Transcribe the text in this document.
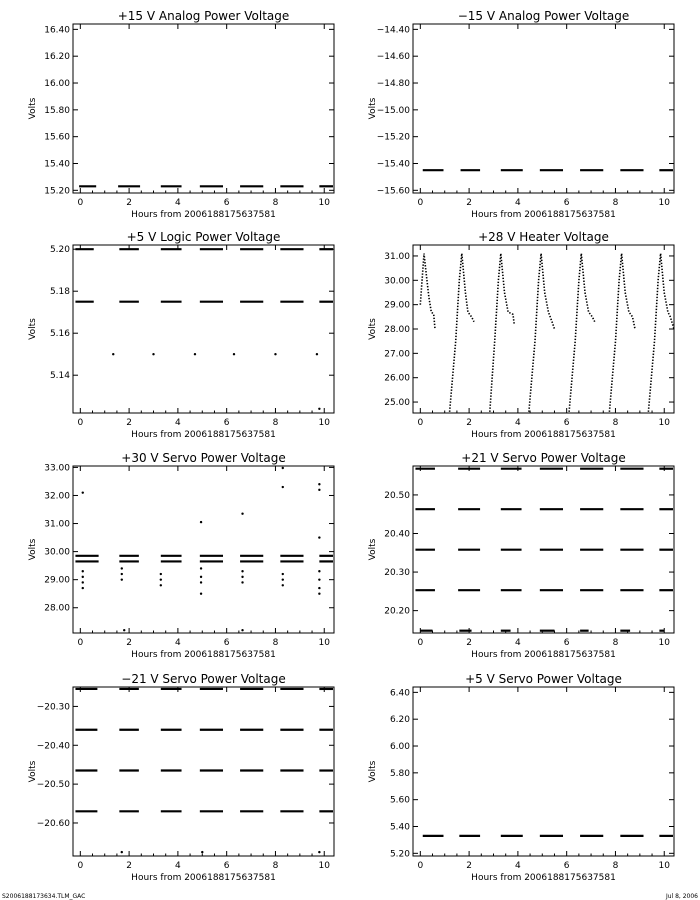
+15 V Analog Power Voltage
0	2	4	6	8	10
15.20
15.40
15.60
15.80
16.00
16.20
16.40
Hours from 2006188175637581
Volts
−15 V Analog Power Voltage
0	2	4	6	8	10
−15.60
−15.40
−15.20
−15.00
−14.80
−14.60
−14.40
Hours from 2006188175637581
Volts
+5 V Logic Power Voltage
0	2	4	6	8	10
5.14
5.16
5.18
5.20
Hours from 2006188175637581
Volts
+28 V Heater Voltage
0	2	4	6	8	10
25.00
26.00
27.00
28.00
29.00
30.00
31.00
Hours from 2006188175637581
Volts
+30 V Servo Power Voltage
0	2	4	6	8	10
28.00
29.00
30.00
31.00
32.00
33.00
Hours from 2006188175637581
Volts
+21 V Servo Power Voltage
0	2	4	6	8	10
20.20
20.30
20.40
20.50
Hours from 2006188175637581
Volts
−21 V Servo Power Voltage
0	2	4	6	8	10
−20.60
−20.50
−20.40
−20.30
Hours from 2006188175637581
Volts
+5 V Servo Power Voltage
0	2	4	6	8	10
5.20
5.40
5.60
5.80
6.00
6.20
6.40
Hours from 2006188175637581
Volts
S2006188173634.TLM_GAC	Jul 8, 2006
